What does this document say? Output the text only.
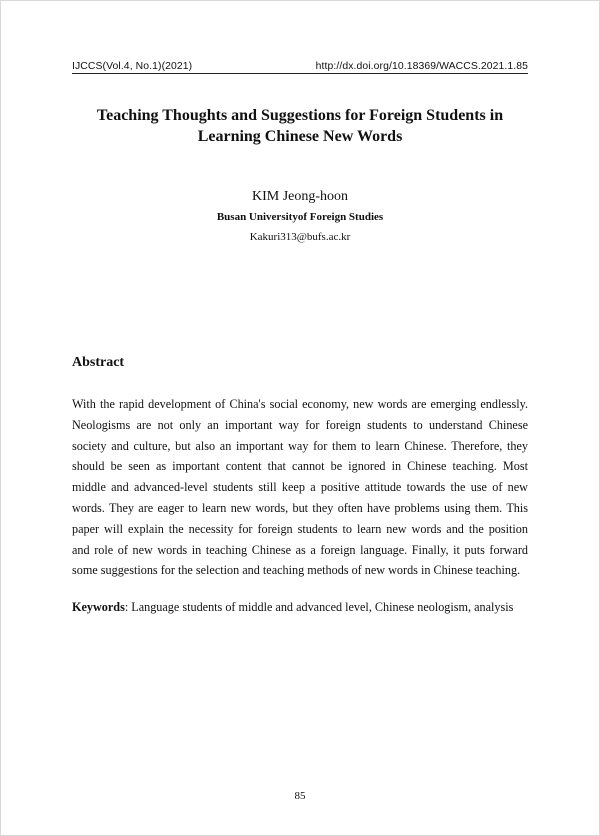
IJCCS(Vol.4, No.1)(2021)	http://dx.doi.org/10.18369/WACCS.2021.1.85
Teaching Thoughts and Suggestions for Foreign Students in
Learning Chinese New Words
KIM Jeong-hoon
Busan Universityof Foreign Studies
Kakuri313@bufs.ac.kr
Abstract
With the rapid development of China's social economy, new words are emerging endlessly.
Neologisms are not only an important way for foreign students to understand Chinese
society and culture, but also an important way for them to learn Chinese. Therefore, they
should be seen as important content that cannot be ignored in Chinese teaching. Most
middle and advanced-level students still keep a positive attitude towards the use of new
words. They are eager to learn new words, but they often have problems using them. This
paper will explain the necessity for foreign students to learn new words and the position
and role of new words in teaching Chinese as a foreign language. Finally, it puts forward
some suggestions for the selection and teaching methods of new words in Chinese teaching.
Keywords: Language students of middle and advanced level, Chinese neologism, analysis
85
